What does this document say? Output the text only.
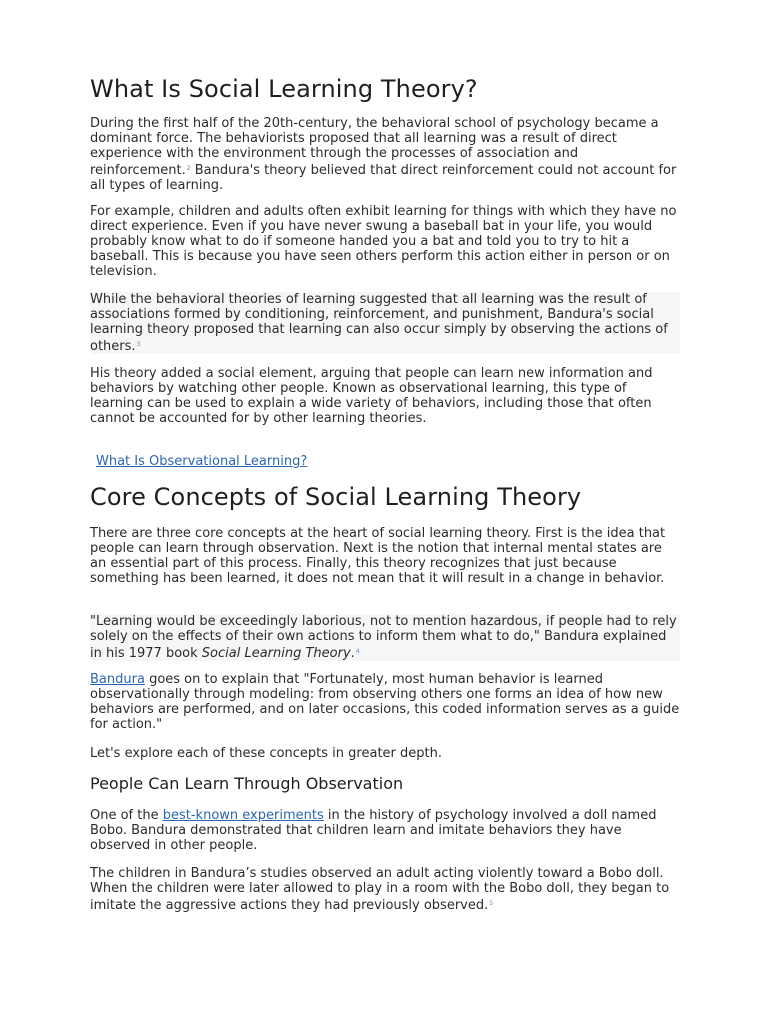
What Is Social Learning Theory?

During the first half of the 20th-century, the behavioral school of psychology became a dominant force. The behaviorists proposed that all learning was a result of direct experience with the environment through the processes of association and reinforcement.$^2$ Bandura's theory believed that direct reinforcement could not account for all types of learning.

For example, children and adults often exhibit learning for things with which they have no direct experience. Even if you have never swung a baseball bat in your life, you would probably know what to do if someone handed you a bat and told you to try to hit a baseball. This is because you have seen others perform this action either in person or on television.

While the behavioral theories of learning suggested that all learning was the result of associations formed by conditioning, reinforcement, and punishment, Bandura's social learning theory proposed that learning can also occur simply by observing the actions of others.$^3$

His theory added a social element, arguing that people can learn new information and behaviors by watching other people. Known as observational learning, this type of learning can be used to explain a wide variety of behaviors, including those that often cannot be accounted for by other learning theories.

What Is Observational Learning?

Core Concepts of Social Learning Theory

There are three core concepts at the heart of social learning theory. First is the idea that people can learn through observation. Next is the notion that internal mental states are an essential part of this process. Finally, this theory recognizes that just because something has been learned, it does not mean that it will result in a change in behavior.

"Learning would be exceedingly laborious, not to mention hazardous, if people had to rely solely on the effects of their own actions to inform them what to do," Bandura explained in his 1977 book Social Learning Theory.$^4$

Bandura goes on to explain that "Fortunately, most human behavior is learned observationally through modeling: from observing others one forms an idea of how new behaviors are performed, and on later occasions, this coded information serves as a guide for action."

Let's explore each of these concepts in greater depth.

People Can Learn Through Observation

One of the best-known experiments in the history of psychology involved a doll named Bobo. Bandura demonstrated that children learn and imitate behaviors they have observed in other people.

The children in Bandura’s studies observed an adult acting violently toward a Bobo doll. When the children were later allowed to play in a room with the Bobo doll, they began to imitate the aggressive actions they had previously observed.$^5$
